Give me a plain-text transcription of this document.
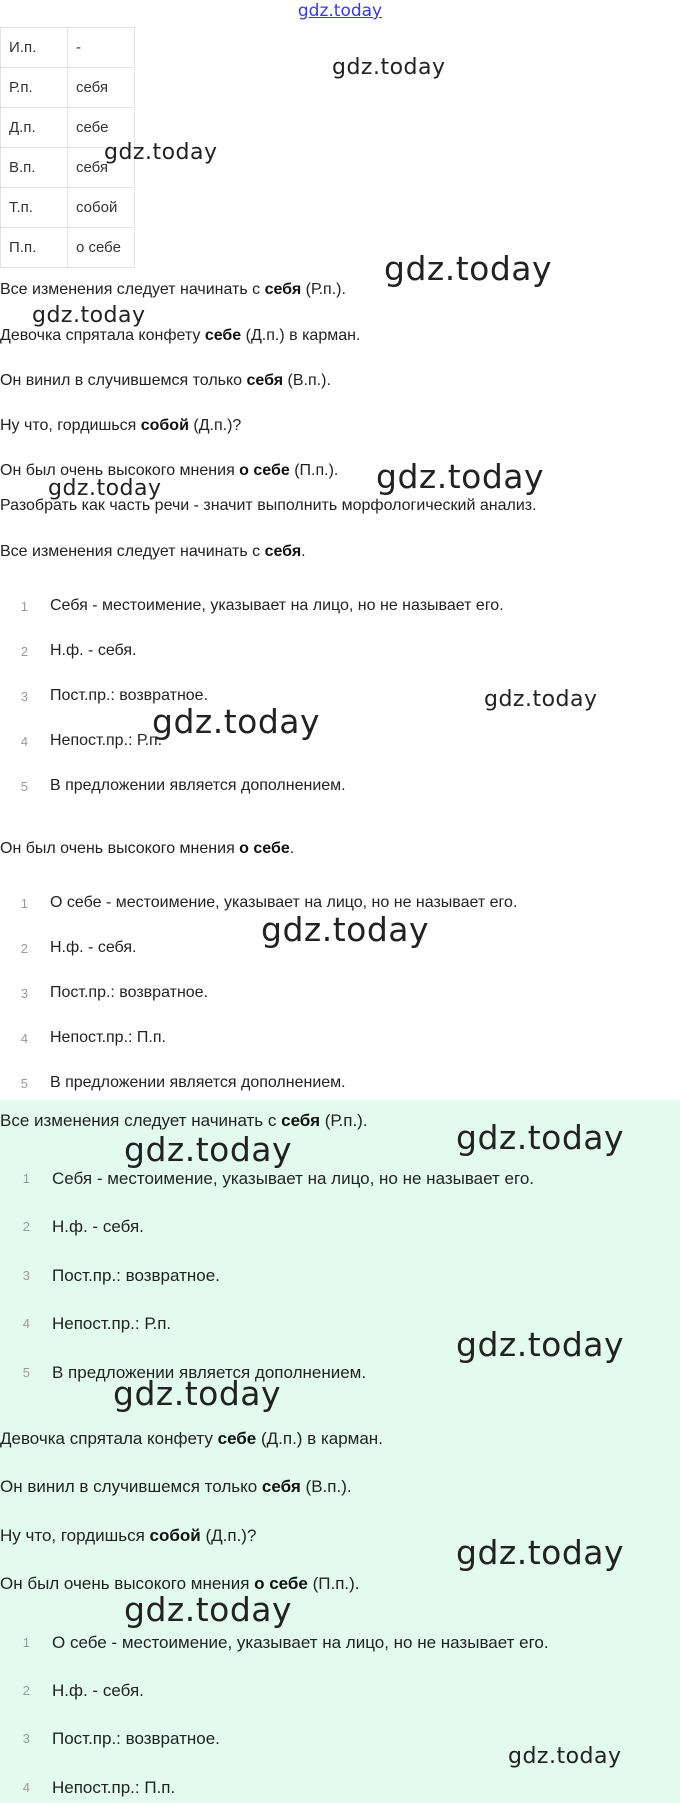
gdz.today
И.п.	-
Р.п.	себя
Д.п.	себе
В.п.	себя
Т.п.	собой
П.п.	о себе
Все изменения следует начинать с себя (Р.п.).
Девочка спрятала конфету себе (Д.п.) в карман.
Он винил в случившемся только себя (В.п.).
Ну что, гордишься собой (Д.п.)?
Он был очень высокого мнения о себе (П.п.).
Разобрать как часть речи - значит выполнить морфологический анализ.
Все изменения следует начинать с себя.
1 Себя - местоимение, указывает на лицо, но не называет его.
2 Н.ф. - себя.
3 Пост.пр.: возвратное.
4 Непост.пр.: Р.п.
5 В предложении является дополнением.
Он был очень высокого мнения о себе.
1 О себе - местоимение, указывает на лицо, но не называет его.
2 Н.ф. - себя.
3 Пост.пр.: возвратное.
4 Непост.пр.: П.п.
5 В предложении является дополнением.
Все изменения следует начинать с себя (Р.п.).
1 Себя - местоимение, указывает на лицо, но не называет его.
2 Н.ф. - себя.
3 Пост.пр.: возвратное.
4 Непост.пр.: Р.п.
5 В предложении является дополнением.
Девочка спрятала конфету себе (Д.п.) в карман.
Он винил в случившемся только себя (В.п.).
Ну что, гордишься собой (Д.п.)?
Он был очень высокого мнения о себе (П.п.).
1 О себе - местоимение, указывает на лицо, но не называет его.
2 Н.ф. - себя.
3 Пост.пр.: возвратное.
4 Непост.пр.: П.п.
gdz.today
gdz.today
gdz.today
gdz.today
gdz.today	gdz.today
gdz.today
gdz.today
gdz.today
gdz.today
gdz.today
gdz.today
gdz.today
gdz.today
gdz.today
gdz.today
